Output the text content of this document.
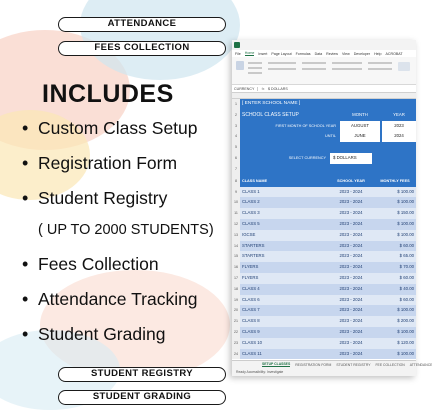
ATTENDANCE
FEES COLLECTION
INCLUDES
• Custom Class Setup
• Registration Form
• Student Registry
( UP TO 2000 STUDENTS)
• Fees Collection
• Attendance Tracking
• Student Grading
STUDENT REGISTRY
STUDENT GRADING
File Home Insert Page Layout Formulas Data Review View Developer Help ACROBAT
CURRENCY	fx	$ DOLLARS
1	[ ENTER SCHOOL NAME ]
2	SCHOOL CLASS SETUP	MONTH	YEAR
3	FIRST MONTH OF SCHOOL YEAR	AUGUST	2023
4	UNTIL	JUNE	2024
5
6	SELECT CURRENCY	$ DOLLARS
7
8	CLASS NAME	SCHOOL YEAR	MONTHLY FEES
9	CLASS 1	2023 - 2024	$ 100.00
10 CLASS 2	2023 - 2024	$ 100.00
11 CLASS 3	2023 - 2024	$ 150.00
12 CLASS 5	2023 - 2024	$ 100.00
13 IGCSE	2023 - 2024	$ 100.00
14 STARTERS	2023 - 2024	$ 60.00
15 STARTERS	2023 - 2024	$ 65.00
16 FLYERS	2023 - 2024	$ 70.00
17 FLYERS	2023 - 2024	$ 60.00
18 CLASS 4	2023 - 2024	$ 40.00
19 CLASS 6	2023 - 2024	$ 60.00
20 CLASS 7	2023 - 2024	$ 100.00
21 CLASS 8	2023 - 2024	$ 200.00
22 CLASS 9	2023 - 2024	$ 100.00
23 CLASS 10	2023 - 2024	$ 120.00
24 CLASS 11	2023 - 2024	$ 100.00
SETUP CLASSES REGISTRATION FORM STUDENT REGISTRY FEE COLLECTION ATTENDANCE
Ready Accessibility: Investigate
